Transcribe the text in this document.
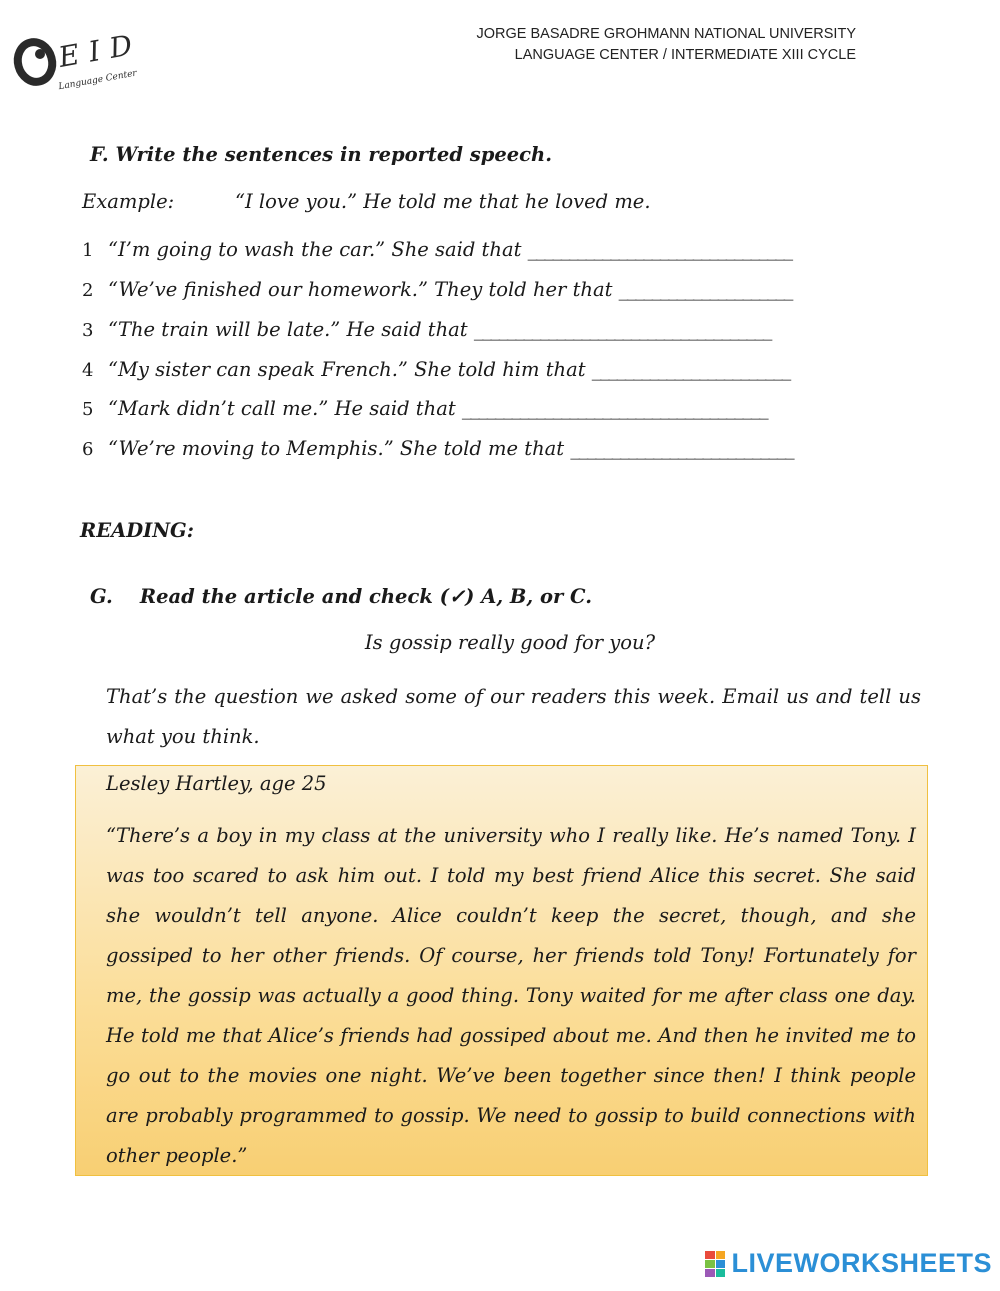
EID
Language Center
JORGE BASADRE GROHMANN NATIONAL UNIVERSITY
LANGUAGE CENTER / INTERMEDIATE XIII CYCLE
F. Write the sentences in reported speech.
Example:	“I love you.” He told me that he loved me.
1 “I’m going to wash the car.” She said that ________________________________
2 “We’ve finished our homework.” They told her that _____________________
3 “The train will be late.” He said that ____________________________________
4 “My sister can speak French.” She told him that ________________________
5 “Mark didn’t call me.” He said that _____________________________________
6 “We’re moving to Memphis.” She told me that ___________________________
READING:
G.    Read the article and check (✓) A, B, or C.
Is gossip really good for you?
That’s the question we asked some of our readers this week. Email us and tell us what you think.
Lesley Hartley, age 25
“There’s a boy in my class at the university who I really like. He’s named Tony. I was too scared to ask him out. I told my best friend Alice this secret. She said she wouldn’t tell anyone. Alice couldn’t keep the secret, though, and she gossiped to her other friends. Of course, her friends told Tony! Fortunately for me, the gossip was actually a good thing. Tony waited for me after class one day. He told me that Alice’s friends had gossiped about me. And then he invited me to go out to the movies one night. We’ve been together since then! I think people are probably programmed to gossip. We need to gossip to build connections with other people.”
LIVEWORKSHEETS
